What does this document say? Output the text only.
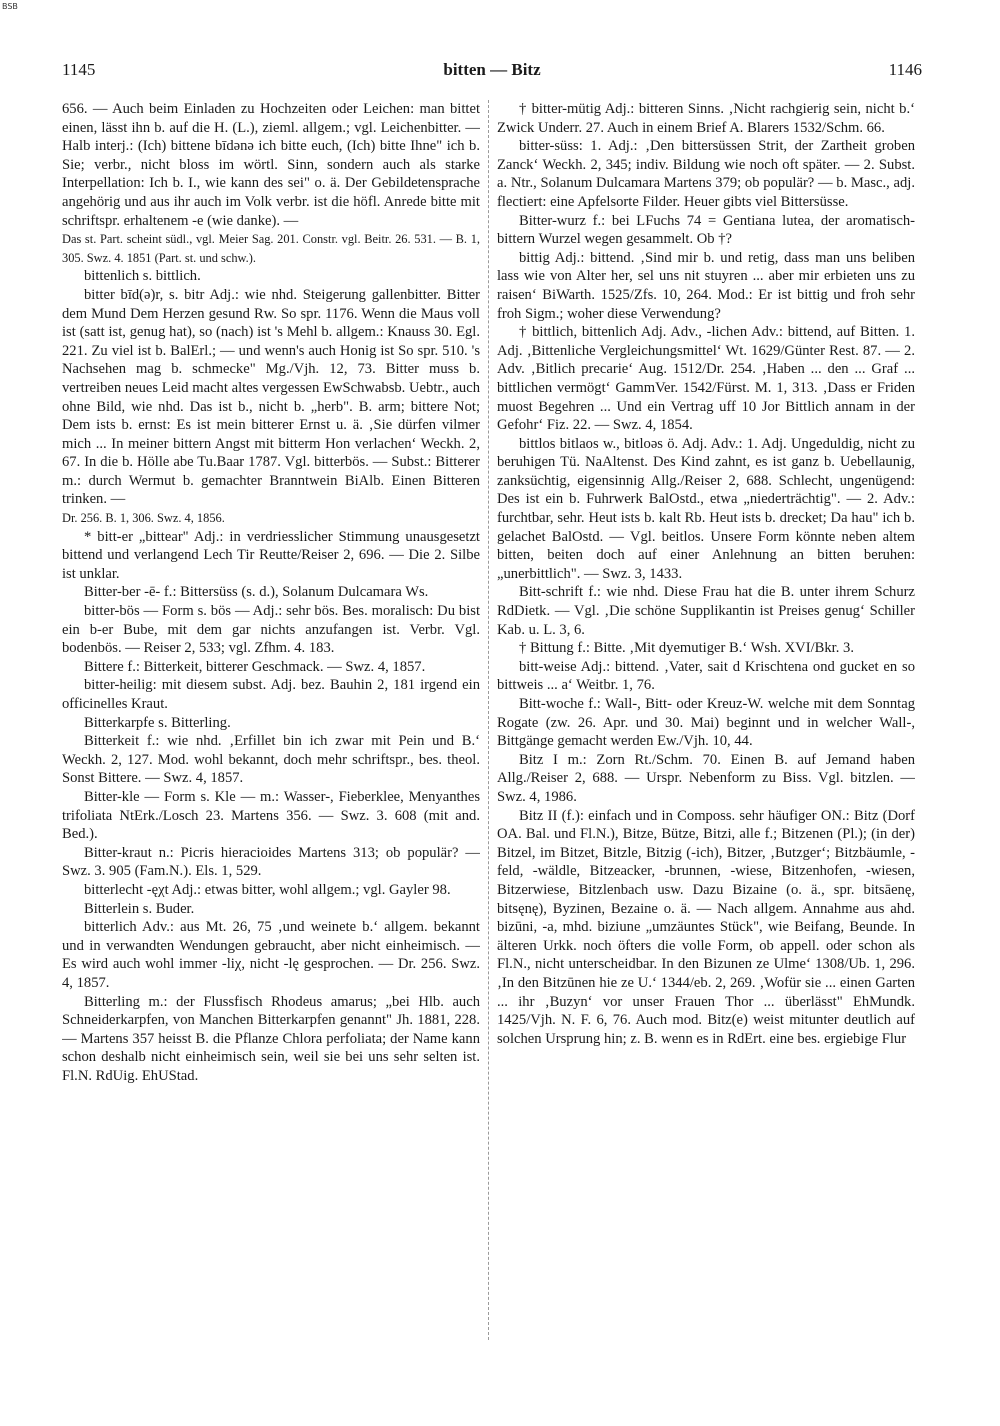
BSB
1145	bitten — Bitz	1146

656. — Auch beim Einladen zu Hochzeiten oder Leichen: man bittet einen, lässt ihn b. auf die H. (L.), zieml. allgem.; vgl. Leichenbitter. — Halb interj.: (Ich) bittene bīdənə ich bitte euch, (Ich) bitte Ihne" ich b. Sie; verbr., nicht bloss im wörtl. Sinn, sondern auch als starke Interpellation: Ich b. I., wie kann des sei" o. ä. Der Gebildetensprache angehörig und aus ihr auch im Volk verbr. ist die höfl. Anrede bitte mit schriftspr. erhaltenem -e (wie danke). —

Das st. Part. scheint südl., vgl. Meier Sag. 201. Constr. vgl. Beitr. 26. 531. — B. 1, 305. Swz. 4. 1851 (Part. st. und schw.).

bittenlich s. bittlich.

bitter bīd(ə)r, s. bitr Adj.: wie nhd. Steigerung gallenbitter. Bitter dem Mund Dem Herzen gesund Rw. So spr. 1176. Wenn die Maus voll ist (satt ist, genug hat), so (nach) ist 's Mehl b. allgem.: Knauss 30. Egl. 221. Zu viel ist b. BalErl.; — und wenn's auch Honig ist So spr. 510. 's Nachsehen mag b. schmecke" Mg./Vjh. 12, 73. Bitter muss b. vertreiben neues Leid macht altes vergessen EwSchwabsb. Uebtr., auch ohne Bild, wie nhd. Das ist b., nicht b. „herb". B. arm; bittere Not; Dem ists b. ernst: Es ist mein bitterer Ernst u. ä. ‚Sie dürfen vilmer mich ... In meiner bittern Angst mit bitterm Hon verlachen‘ Weckh. 2, 67. In die b. Hölle abe Tu.Baar 1787. Vgl. bitterbös. — Subst.: Bitterer m.: durch Wermut b. gemachter Branntwein BiAlb. Einen Bitteren trinken. —

Dr. 256. B. 1, 306. Swz. 4, 1856.

* bitt-er „bittear" Adj.: in verdriesslicher Stimmung unausgesetzt bittend und verlangend Lech Tir Reutte/Reiser 2, 696. — Die 2. Silbe ist unklar.

Bitter-ber -ē- f.: Bittersüss (s. d.), Solanum Dulcamara Ws.

bitter-bös — Form s. bös — Adj.: sehr bös. Bes. moralisch: Du bist ein b-er Bube, mit dem gar nichts anzufangen ist. Verbr. Vgl. bodenbös. — Reiser 2, 533; vgl. Zfhm. 4. 183.

Bittere f.: Bitterkeit, bitterer Geschmack. — Swz. 4, 1857.

bitter-heilig: mit diesem subst. Adj. bez. Bauhin 2, 181 irgend ein officinelles Kraut.

Bitterkarpfe s. Bitterling.

Bitterkeit f.: wie nhd. ‚Erfillet bin ich zwar mit Pein und B.‘ Weckh. 2, 127. Mod. wohl bekannt, doch mehr schriftspr., bes. theol. Sonst Bittere. — Swz. 4, 1857.

Bitter-kle — Form s. Kle — m.: Wasser-, Fieberklee, Menyanthes trifoliata NtErk./Losch 23. Martens 356. — Swz. 3. 608 (mit and. Bed.).

Bitter-kraut n.: Picris hieracioides Martens 313; ob populär? — Swz. 3. 905 (Fam.N.). Els. 1, 529.

bitterlecht -ęχt Adj.: etwas bitter, wohl allgem.; vgl. Gayler 98.

Bitterlein s. Buder.

bitterlich Adv.: aus Mt. 26, 75 ‚und weinete b.‘ allgem. bekannt und in verwandten Wendungen gebraucht, aber nicht einheimisch. — Es wird auch wohl immer -liχ, nicht -lę gesprochen. — Dr. 256. Swz. 4, 1857.

Bitterling m.: der Flussfisch Rhodeus amarus; „bei Hlb. auch Schneiderkarpfen, von Manchen Bitterkarpfen genannt" Jh. 1881, 228. — Martens 357 heisst B. die Pflanze Chlora perfoliata; der Name kann schon deshalb nicht einheimisch sein, weil sie bei uns sehr selten ist. Fl.N. RdUig. EhUStad.

† bitter-mütig Adj.: bitteren Sinns. ‚Nicht rachgierig sein, nicht b.‘ Zwick Underr. 27. Auch in einem Brief A. Blarers 1532/Schm. 66.

bitter-süss: 1. Adj.: ‚Den bittersüssen Strit, der Zartheit groben Zanck‘ Weckh. 2, 345; indiv. Bildung wie noch oft später. — 2. Subst. a. Ntr., Solanum Dulcamara Martens 379; ob populär? — b. Masc., adj. flectiert: eine Apfelsorte Filder. Heuer gibts viel Bittersüsse.

Bitter-wurz f.: bei LFuchs 74 = Gentiana lutea, der aromatisch-bittern Wurzel wegen gesammelt. Ob †?

bittig Adj.: bittend. ‚Sind mir b. und retig, dass man uns beliben lass wie von Alter her, sel uns nit stuyren ... aber mir erbieten uns zu raisen‘ BiWarth. 1525/Zfs. 10, 264. Mod.: Er ist bittig und froh sehr froh Sigm.; woher diese Verwendung?

† bittlich, bittenlich Adj. Adv., -lichen Adv.: bittend, auf Bitten. 1. Adj. ‚Bittenliche Vergleichungsmittel‘ Wt. 1629/Günter Rest. 87. — 2. Adv. ‚Bitlich precarie‘ Aug. 1512/Dr. 254. ‚Haben ... den ... Graf ... bittlichen vermögt‘ GammVer. 1542/Fürst. M. 1, 313. ‚Dass er Friden muost Begehren ... Und ein Vertrag uff 10 Jor Bittlich annam in der Gefohr‘ Fiz. 22. — Swz. 4, 1854.

bittlos bitlaos w., bitloəs ö. Adj. Adv.: 1. Adj. Ungeduldig, nicht zu beruhigen Tü. NaAltenst. Des Kind zahnt, es ist ganz b. Uebellaunig, zanksüchtig, eigensinnig Allg./Reiser 2, 688. Schlecht, ungenügend: Des ist ein b. Fuhrwerk BalOstd., etwa „niederträchtig". — 2. Adv.: furchtbar, sehr. Heut ists b. kalt Rb. Heut ists b. drecket; Da hau" ich b. gelachet BalOstd. — Vgl. beitlos. Unsere Form könnte neben altem bitten, beiten doch auf einer Anlehnung an bitten beruhen: „unerbittlich". — Swz. 3, 1433.

Bitt-schrift f.: wie nhd. Diese Frau hat die B. unter ihrem Schurz RdDietk. — Vgl. ‚Die schöne Supplikantin ist Preises genug‘ Schiller Kab. u. L. 3, 6.

† Bittung f.: Bitte. ‚Mit dyemutiger B.‘ Wsh. XVI/Bkr. 3.

bitt-weise Adj.: bittend. ‚Vater, sait d Krischtena ond gucket en so bittweis ... a‘ Weitbr. 1, 76.

Bitt-woche f.: Wall-, Bitt- oder Kreuz-W. welche mit dem Sonntag Rogate (zw. 26. Apr. und 30. Mai) beginnt und in welcher Wall-, Bittgänge gemacht werden Ew./Vjh. 10, 44.

Bitz I m.: Zorn Rt./Schm. 70. Einen B. auf Jemand haben Allg./Reiser 2, 688. — Urspr. Nebenform zu Biss. Vgl. bitzlen. — Swz. 4, 1986.

Bitz II (f.): einfach und in Composs. sehr häufiger ON.: Bitz (Dorf OA. Bal. und Fl.N.), Bitze, Bütze, Bitzi, alle f.; Bitzenen (Pl.); (in der) Bitzel, im Bitzet, Bitzle, Bitzig (-ich), Bitzer, ‚Butzger‘; Bitzbäumle, -feld, -wäldle, Bitzeacker, -brunnen, -wiese, Bitzenhofen, -wiesen, Bitzerwiese, Bitzlenbach usw. Dazu Bizaine (o. ä., spr. bitsāenę, bitsęnę), Byzinen, Bezaine o. ä. — Nach allgem. Annahme aus ahd. bizūni, -a, mhd. biziune „umzäuntes Stück", wie Beifang, Beunde. In älteren Urkk. noch öfters die volle Form, ob appell. oder schon als Fl.N., nicht unterscheidbar. In den Bizunen ze Ulme‘ 1308/Ub. 1, 296. ‚In den Bitzūnen hie ze U.‘ 1344/eb. 2, 269. ‚Wofür sie ... einen Garten ... ihr ‚Buzyn‘ vor unser Frauen Thor ... überlässt" EhMundk. 1425/Vjh. N. F. 6, 76. Auch mod. Bitz(e) weist mitunter deutlich auf solchen Ursprung hin; z. B. wenn es in RdErt. eine bes. ergiebige Flur
